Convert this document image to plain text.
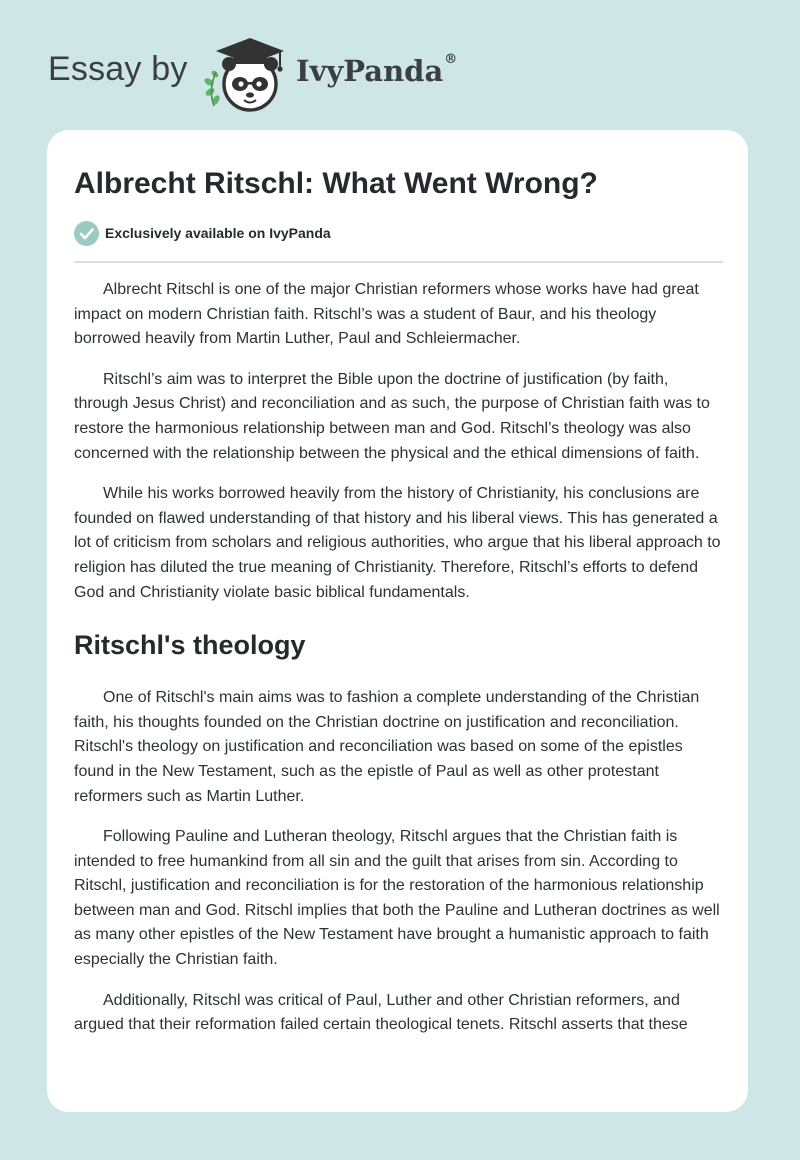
Essay by	IvyPanda®
Albrecht Ritschl: What Went Wrong?
Exclusively available on IvyPanda

Albrecht Ritschl is one of the major Christian reformers whose works have had great impact on modern Christian faith. Ritschl’s was a student of Baur, and his theology borrowed heavily from Martin Luther, Paul and Schleiermacher.

Ritschl’s aim was to interpret the Bible upon the doctrine of justification (by faith, through Jesus Christ) and reconciliation and as such, the purpose of Christian faith was to restore the harmonious relationship between man and God. Ritschl’s theology was also concerned with the relationship between the physical and the ethical dimensions of faith.

While his works borrowed heavily from the history of Christianity, his conclusions are founded on flawed understanding of that history and his liberal views. This has generated a lot of criticism from scholars and religious authorities, who argue that his liberal approach to religion has diluted the true meaning of Christianity. Therefore, Ritschl’s efforts to defend God and Christianity violate basic biblical fundamentals.

Ritschl's theology

One of Ritschl's main aims was to fashion a complete understanding of the Christian faith, his thoughts founded on the Christian doctrine on justification and reconciliation. Ritschl's theology on justification and reconciliation was based on some of the epistles found in the New Testament, such as the epistle of Paul as well as other protestant reformers such as Martin Luther.

Following Pauline and Lutheran theology, Ritschl argues that the Christian faith is intended to free humankind from all sin and the guilt that arises from sin. According to Ritschl, justification and reconciliation is for the restoration of the harmonious relationship between man and God. Ritschl implies that both the Pauline and Lutheran doctrines as well as many other epistles of the New Testament have brought a humanistic approach to faith especially the Christian faith.

Additionally, Ritschl was critical of Paul, Luther and other Christian reformers, and argued that their reformation failed certain theological tenets. Ritschl asserts that these
